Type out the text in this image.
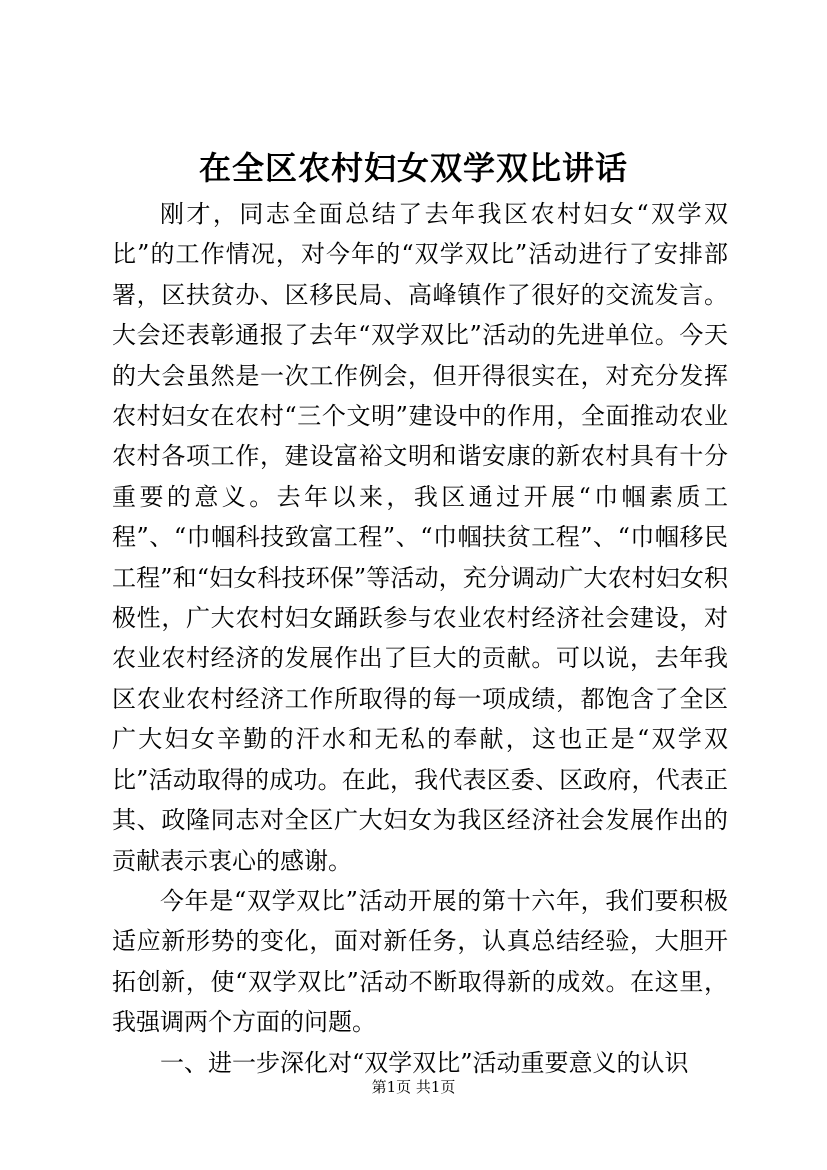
在全区农村妇女双学双比讲话

刚才，同志全面总结了去年我区农村妇女“双学双比”的工作情况，对今年的“双学双比”活动进行了安排部署，区扶贫办、区移民局、高峰镇作了很好的交流发言。大会还表彰通报了去年“双学双比”活动的先进单位。今天的大会虽然是一次工作例会，但开得很实在，对充分发挥农村妇女在农村“三个文明”建设中的作用，全面推动农业农村各项工作，建设富裕文明和谐安康的新农村具有十分重要的意义。去年以来，我区通过开展“巾帼素质工程”、“巾帼科技致富工程”、“巾帼扶贫工程”、“巾帼移民工程”和“妇女科技环保”等活动，充分调动广大农村妇女积极性，广大农村妇女踊跃参与农业农村经济社会建设，对农业农村经济的发展作出了巨大的贡献。可以说，去年我区农业农村经济工作所取得的每一项成绩，都饱含了全区广大妇女辛勤的汗水和无私的奉献，这也正是“双学双比”活动取得的成功。在此，我代表区委、区政府，代表正其、政隆同志对全区广大妇女为我区经济社会发展作出的贡献表示衷心的感谢。

今年是“双学双比”活动开展的第十六年，我们要积极适应新形势的变化，面对新任务，认真总结经验，大胆开拓创新，使“双学双比”活动不断取得新的成效。在这里，我强调两个方面的问题。

一、进一步深化对“双学双比”活动重要意义的认识

第1页 共1页
